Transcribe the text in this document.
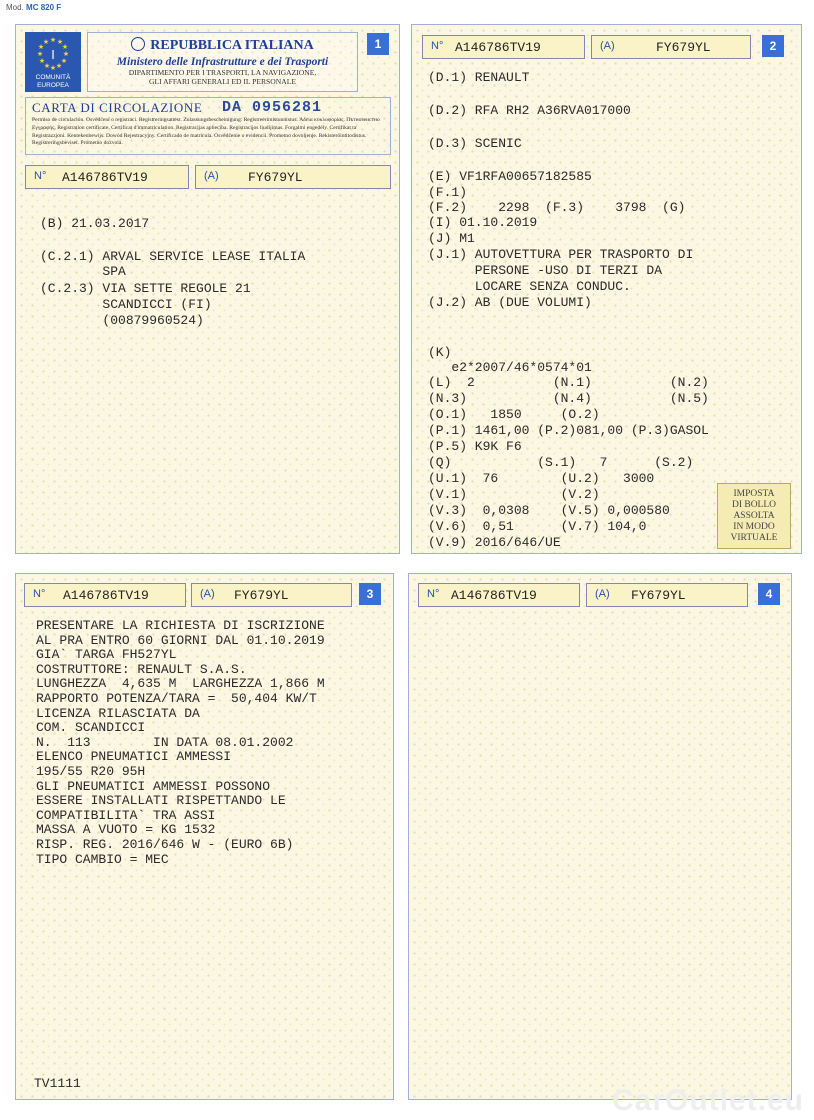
Mod. MC 820 F
★ ★
★
★
★
★
★
★
★
★
★
★
I
COMUNITÀ
EUROPEA
REPUBBLICA ITALIANA
Ministero delle Infrastrutture e dei Trasporti
DIPARTIMENTO PER I TRASPORTI, LA NAVIGAZIONE,
GLI AFFARI GENERALI ED IL PERSONALE
1
CARTA DI CIRCOLAZIONE DA 0956281
Permiso de circulación. Osvědčení o registraci. Registreringsattest. Zulassungsbescheinigung. Registreerimistunnistus. Άδεια κυκλοφορίας. Пътнозеистно Εγγραφής. Registration certificate. Certificat d'immatriculation. Registracijas apliecība. Registracijos liudijimas. Forgalmi engedély. Certifikat ta' Registrazzjoni. Kentekenbewijs. Dowód Rejestracyjny. Certificado de matrícula. Osvědčenie o evidencii. Prometno dovoljenje. Rekisteröintitodistus. Registreringsbeviset. Prometno dozvola.
N° A146786TV19	(A) FY679YL
(B) 21.03.2017
(C.2.1) ARVAL SERVICE LEASE ITALIA
SPA
(C.2.3) VIA SETTE REGOLE 21
SCANDICCI (FI)
(00879960524)
N° A146786TV19	(A)	FY679YL	2
(D.1) RENAULT
(D.2) RFA RH2 A36RVA017000
(D.3) SCENIC
(E) VF1RFA00657182585
(F.1)
(F.2)    2298  (F.3)    3798  (G)
(I) 01.10.2019
(J) M1
(J.1) AUTOVETTURA PER TRASPORTO DI
PERSONE -USO DI TERZI DA
LOCARE SENZA CONDUC.
(J.2) AB (DUE VOLUMI)
(K)
e2*2007/46*0574*01
(L)  2          (N.1)          (N.2)
(N.3)           (N.4)          (N.5)
(O.1)   1850     (O.2)
(P.1) 1461,00 (P.2)081,00 (P.3)GASOL
(P.5) K9K F6
(Q)           (S.1)   7      (S.2)
(U.1)  76        (U.2)   3000
(V.1)            (V.2)
(V.3)  0,0308    (V.5) 0,000580
(V.6)  0,51      (V.7) 104,0
(V.9) 2016/646/UE
IMPOSTA
DI BOLLO
ASSOLTA
IN MODO
VIRTUALE
N° A146786TV19	(A) FY679YL	3
PRESENTARE LA RICHIESTA DI ISCRIZIONE
AL PRA ENTRO 60 GIORNI DAL 01.10.2019
GIA` TARGA FH527YL
COSTRUTTORE: RENAULT S.A.S.
LUNGHEZZA  4,635 M  LARGHEZZA 1,866 M
RAPPORTO POTENZA/TARA =  50,404 KW/T
LICENZA RILASCIATA DA
COM. SCANDICCI
N.  113        IN DATA 08.01.2002
ELENCO PNEUMATICI AMMESSI
195/55 R20 95H
GLI PNEUMATICI AMMESSI POSSONO
ESSERE INSTALLATI RISPETTANDO LE
COMPATIBILITA` TRA ASSI
MASSA A VUOTO = KG 1532
RISP. REG. 2016/646 W - (EURO 6B)
TIPO CAMBIO = MEC
TV1111
N° A146786TV19	(A) FY679YL	4
CarOutlet.eu
